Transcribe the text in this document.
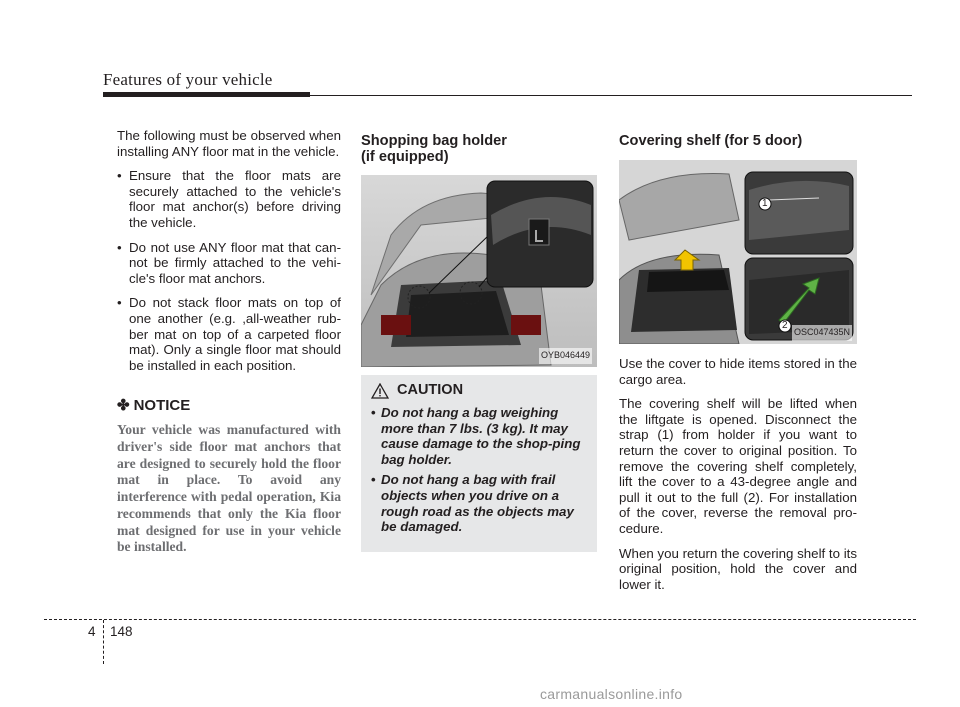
Features of your vehicle

The following must be observed when installing ANY floor mat in the vehicle.

• Ensure that the floor mats are securely attached to the vehicle's floor mat anchor(s) before driving the vehicle.
• Do not use ANY floor mat that can-not be firmly attached to the vehi-cle's floor mat anchors.
• Do not stack floor mats on top of one another (e.g. ,all-weather rub-ber mat on top of a carpeted floor mat). Only a single floor mat should be installed in each position.
✤ NOTICE
Your vehicle was manufactured with driver's side floor mat anchors that are designed to securely hold the floor mat in place. To avoid any interference with pedal operation, Kia recommends that only the Kia floor mat designed for use in your vehicle be installed.
Shopping bag holder
(if equipped)
OYB046449
CAUTION
• Do not hang a bag weighing more than 7 lbs. (3 kg). It may cause damage to the shop-ping bag holder.
• Do not hang a bag with frail objects when you drive on a rough road as the objects may be damaged.
Covering shelf (for 5 door)
1
2
OSC047435N

Use the cover to hide items stored in the cargo area.

The covering shelf will be lifted when the liftgate is opened. Disconnect the strap (1) from holder if you want to return the cover to original position. To remove the covering shelf completely, lift the cover to a 43-degree angle and pull it out to the full (2). For installation of the cover, reverse the removal pro-cedure.

When you return the covering shelf to its original position, hold the cover and lower it.

4 148
carmanualsonline.info
